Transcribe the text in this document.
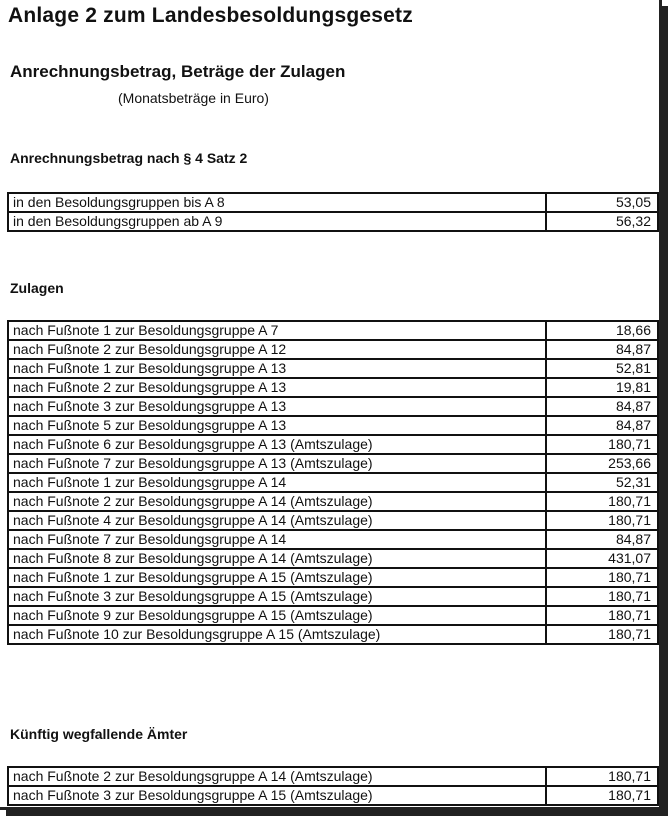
Anlage 2 zum Landesbesoldungsgesetz

Anrechnungsbetrag, Beträge der Zulagen

(Monatsbeträge in Euro)

Anrechnungsbetrag nach § 4 Satz 2

in den Besoldungsgruppen bis A 8	53,05
in den Besoldungsgruppen ab A 9	56,32

Zulagen

nach Fußnote 1 zur Besoldungsgruppe A 7	18,66
nach Fußnote 2 zur Besoldungsgruppe A 12	84,87
nach Fußnote 1 zur Besoldungsgruppe A 13	52,81
nach Fußnote 2 zur Besoldungsgruppe A 13	19,81
nach Fußnote 3 zur Besoldungsgruppe A 13	84,87
nach Fußnote 5 zur Besoldungsgruppe A 13	84,87
nach Fußnote 6 zur Besoldungsgruppe A 13 (Amtszulage)	180,71
nach Fußnote 7 zur Besoldungsgruppe A 13 (Amtszulage)	253,66
nach Fußnote 1 zur Besoldungsgruppe A 14	52,31
nach Fußnote 2 zur Besoldungsgruppe A 14 (Amtszulage)	180,71
nach Fußnote 4 zur Besoldungsgruppe A 14 (Amtszulage)	180,71
nach Fußnote 7 zur Besoldungsgruppe A 14	84,87
nach Fußnote 8 zur Besoldungsgruppe A 14 (Amtszulage)	431,07
nach Fußnote 1 zur Besoldungsgruppe A 15 (Amtszulage)	180,71
nach Fußnote 3 zur Besoldungsgruppe A 15 (Amtszulage)	180,71
nach Fußnote 9 zur Besoldungsgruppe A 15 (Amtszulage)	180,71
nach Fußnote 10 zur Besoldungsgruppe A 15 (Amtszulage)	180,71

Künftig wegfallende Ämter

nach Fußnote 2 zur Besoldungsgruppe A 14 (Amtszulage)	180,71
nach Fußnote 3 zur Besoldungsgruppe A 15 (Amtszulage)	180,71
